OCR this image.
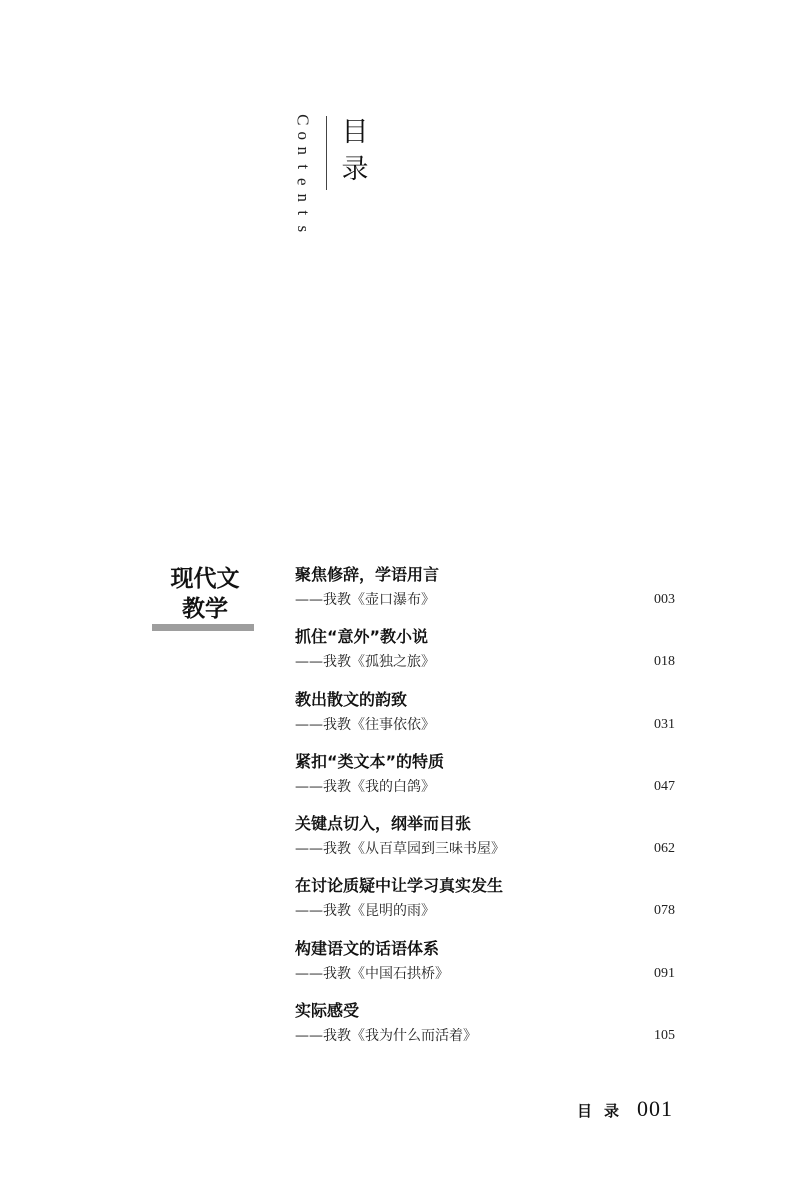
C
o
n
t
e
n
t
s
目
录
现代文
教学
聚焦修辞，学语用言
——我教《壶口瀑布》	003
抓住“意外”教小说
——我教《孤独之旅》	018
教出散文的韵致
——我教《往事依依》	031
紧扣“类文本”的特质
——我教《我的白鸽》	047
关键点切入，纲举而目张
——我教《从百草园到三味书屋》	062
在讨论质疑中让学习真实发生
——我教《昆明的雨》	078
构建语文的话语体系
——我教《中国石拱桥》	091
实际感受
——我教《我为什么而活着》	105
目录 001
